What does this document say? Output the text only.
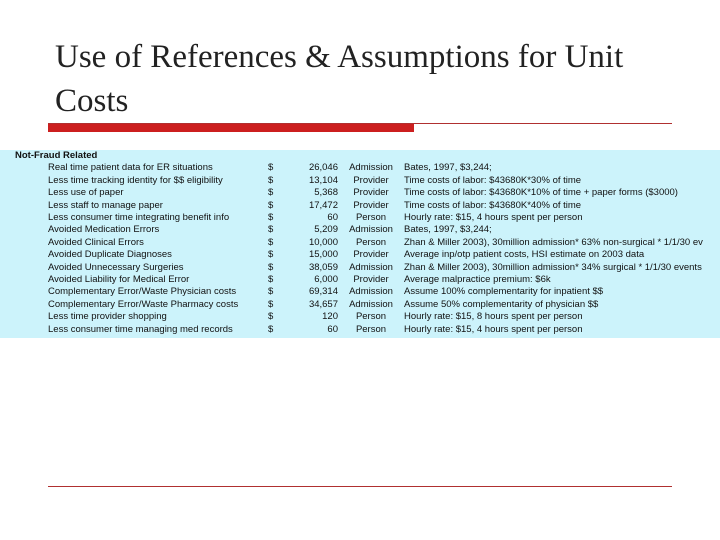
Use of References & Assumptions for Unit Costs
Not-Fraud Related					
	Real time patient data for ER situations	$	26,046	Admission	Bates, 1997, $3,244;
	Less time tracking identity for $$ eligibility	$	13,104	Provider	Time costs of labor: $43680K*30% of time
	Less use of paper	$	5,368	Provider	Time costs of labor: $43680K*10% of time + paper forms ($3000)
	Less staff to manage paper	$	17,472	Provider	Time costs of labor: $43680K*40% of time
	Less consumer time integrating benefit info	$	60	Person	Hourly rate: $15, 4 hours spent per person
	Avoided Medication Errors	$	5,209	Admission	Bates, 1997, $3,244;
	Avoided Clinical Errors	$	10,000	Person	Zhan & Miller 2003), 30million admission* 63% non-surgical * 1/1/30 ev
	Avoided Duplicate Diagnoses	$	15,000	Provider	Average inp/otp patient costs, HSI estimate on 2003 data
	Avoided Unnecessary Surgeries	$	38,059	Admission	Zhan & Miller 2003), 30million admission* 34% surgical * 1/1/30 events
	Avoided Liability for Medical Error	$	6,000	Provider	Average malpractice premium: $6k
	Complementary Error/Waste Physician costs	$	69,314	Admission	Assume 100% complementarity for inpatient $$
	Complementary Error/Waste Pharmacy costs	$	34,657	Admission	Assume 50% complementarity of physician $$
	Less time provider shopping	$	120	Person	Hourly rate: $15, 8 hours spent per person
	Less consumer time managing med records	$	60	Person	Hourly rate: $15, 4 hours spent per person
